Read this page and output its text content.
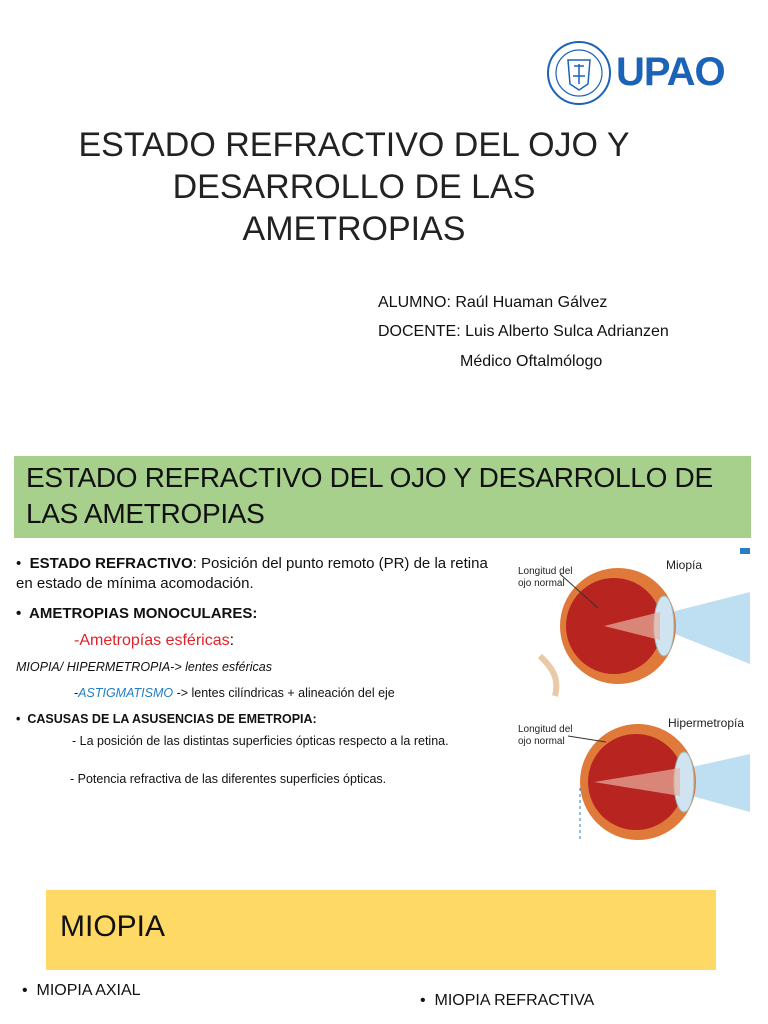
UPAO
ESTADO REFRACTIVO DEL OJO Y
DESARROLLO DE LAS
AMETROPIAS
ALUMNO: Raúl Huaman Gálvez
DOCENTE: Luis Alberto Sulca Adrianzen
Médico Oftalmólogo
ESTADO REFRACTIVO DEL OJO Y DESARROLLO DE LAS AMETROPIAS
•  ESTADO REFRACTIVO: Posición del punto remoto (PR) de la retina en estado de mínima acomodación.
•  AMETROPIAS MONOCULARES:
-Ametropías esféricas:
MIOPIA/ HIPERMETROPIA-> lentes esféricas
-ASTIGMATISMO -> lentes cilíndricas + alineación del eje
•  CASUSAS DE LA ASUSENCIAS DE EMETROPIA:
- La posición de las distintas superficies ópticas respecto a la retina.
- Potencia refractiva de las diferentes superficies ópticas.
Longitud del ojo normal
Miopía
Longitud del ojo normal
Hipermetropía
MIOPIA
•  MIOPIA AXIAL
•  MIOPIA REFRACTIVA
